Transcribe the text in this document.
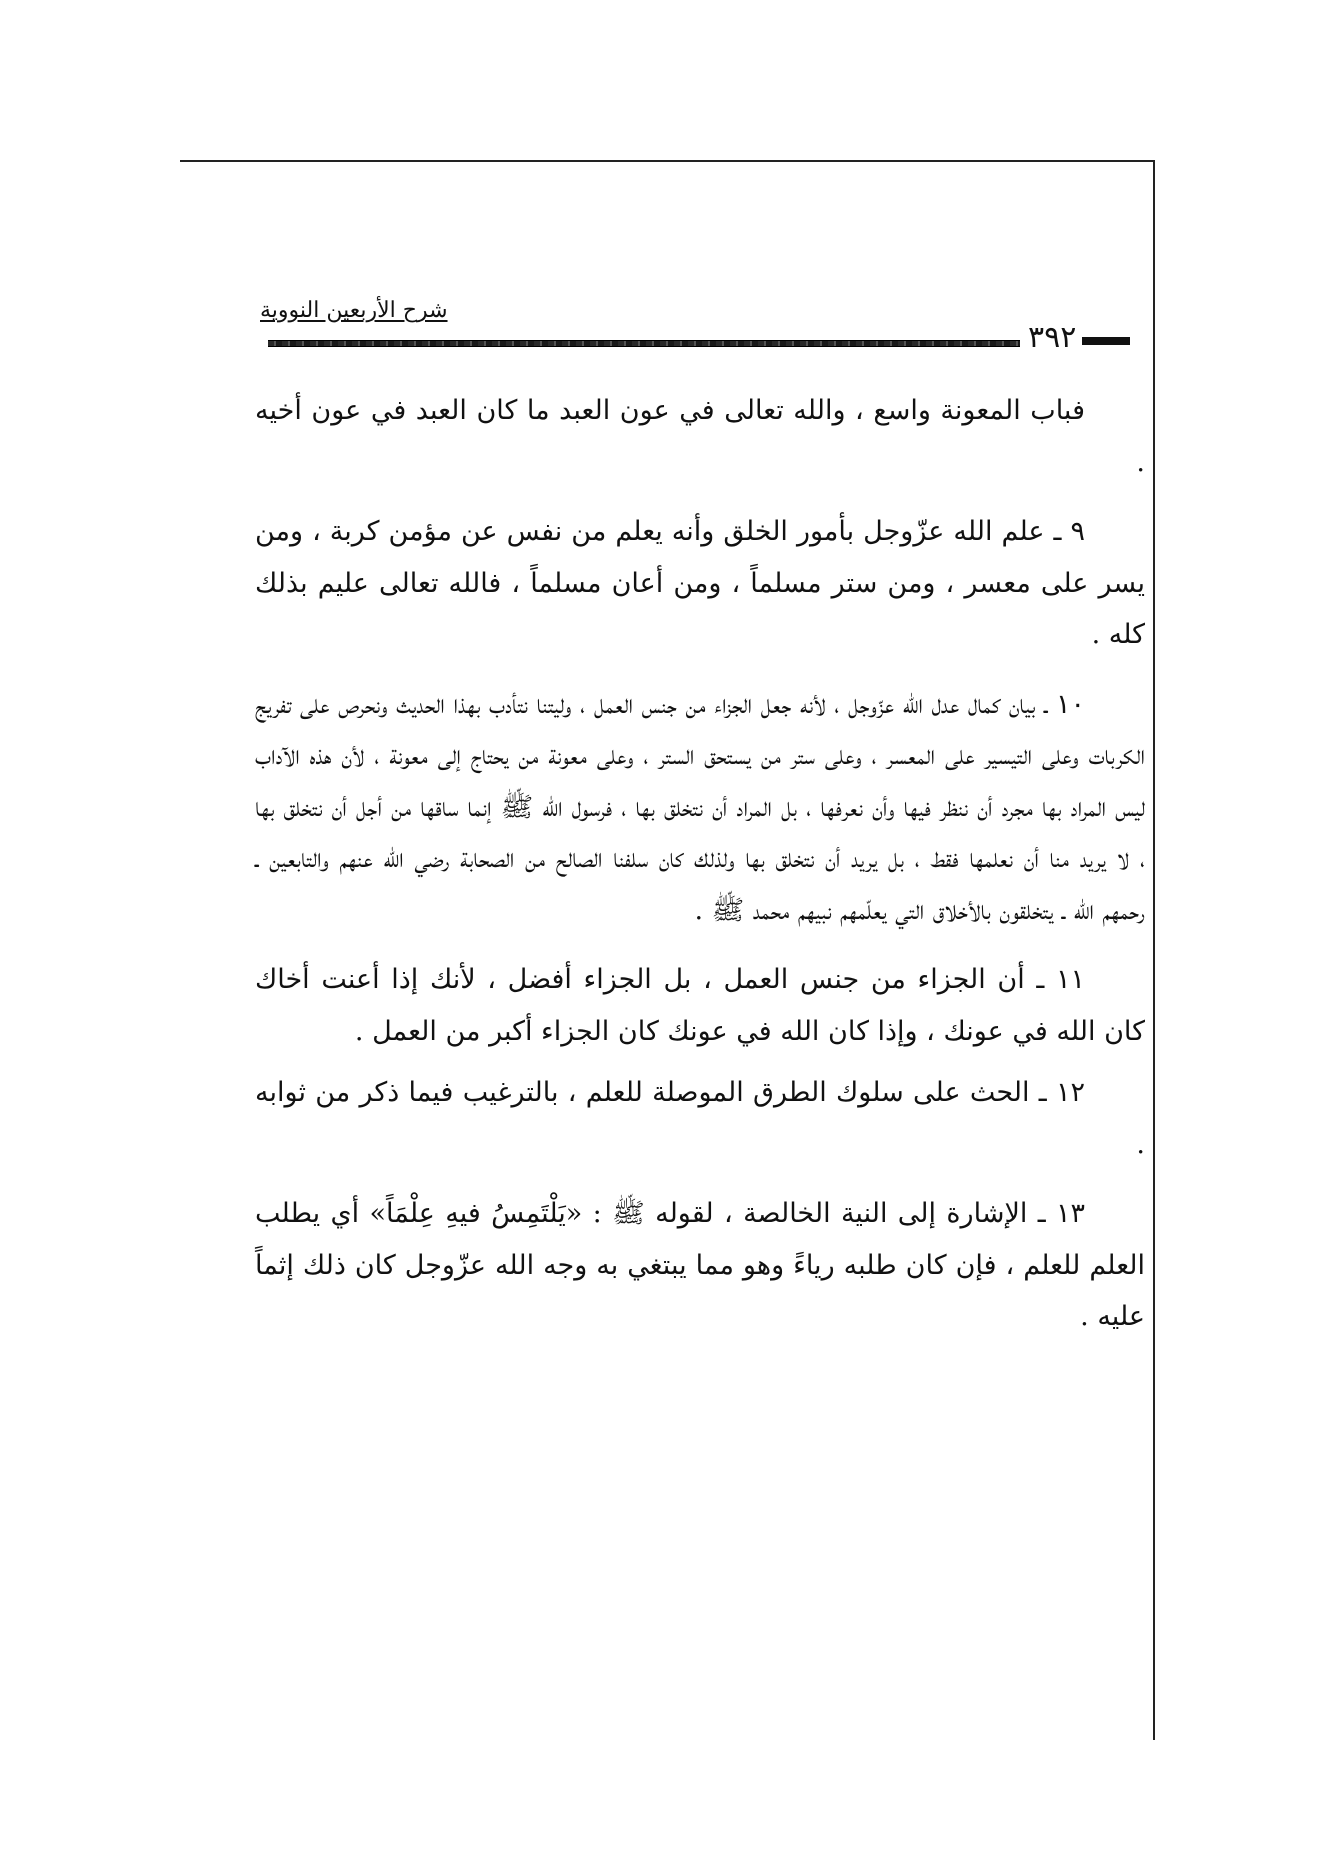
شرح الأربعين النووية
٣٩٢

فباب المعونة واسع ، والله تعالى في عون العبد ما كان العبد في عون أخيه .

٩ ـ علم الله عزّوجل بأمور الخلق وأنه يعلم من نفس عن مؤمن كربة ، ومن يسر على معسر ، ومن ستر مسلماً ، ومن أعان مسلماً ، فالله تعالى عليم بذلك كله .

١٠ ـ بيان كمال عدل الله عزّوجل ، لأنه جعل الجزاء من جنس العمل ، وليتنا نتأدب بهذا الحديث ونحرص على تفريج الكربات وعلى التيسير على المعسر ، وعلى ستر من يستحق الستر ، وعلى معونة من يحتاج إلى معونة ، لأن هذه الآداب ليس المراد بها مجرد أن ننظر فيها وأن نعرفها ، بل المراد أن نتخلق بها ، فرسول الله ﷺ إنما ساقها من أجل أن نتخلق بها ، لا يريد منا أن نعلمها فقط ، بل يريد أن نتخلق بها ولذلك كان سلفنا الصالح من الصحابة رضي الله عنهم والتابعين ـ رحمهم الله ـ يتخلقون بالأخلاق التي يعلّمهم نبيهم محمد ﷺ .

١١ ـ أن الجزاء من جنس العمل ، بل الجزاء أفضل ، لأنك إذا أعنت أخاك كان الله في عونك ، وإذا كان الله في عونك كان الجزاء أكبر من العمل .

١٢ ـ الحث على سلوك الطرق الموصلة للعلم ، بالترغيب فيما ذكر من ثوابه .

١٣ ـ الإشارة إلى النية الخالصة ، لقوله ﷺ : «يَلْتَمِسُ فيهِ عِلْمَاً» أي يطلب العلم للعلم ، فإن كان طلبه رياءً وهو مما يبتغي به وجه الله عزّوجل كان ذلك إثماً عليه .
